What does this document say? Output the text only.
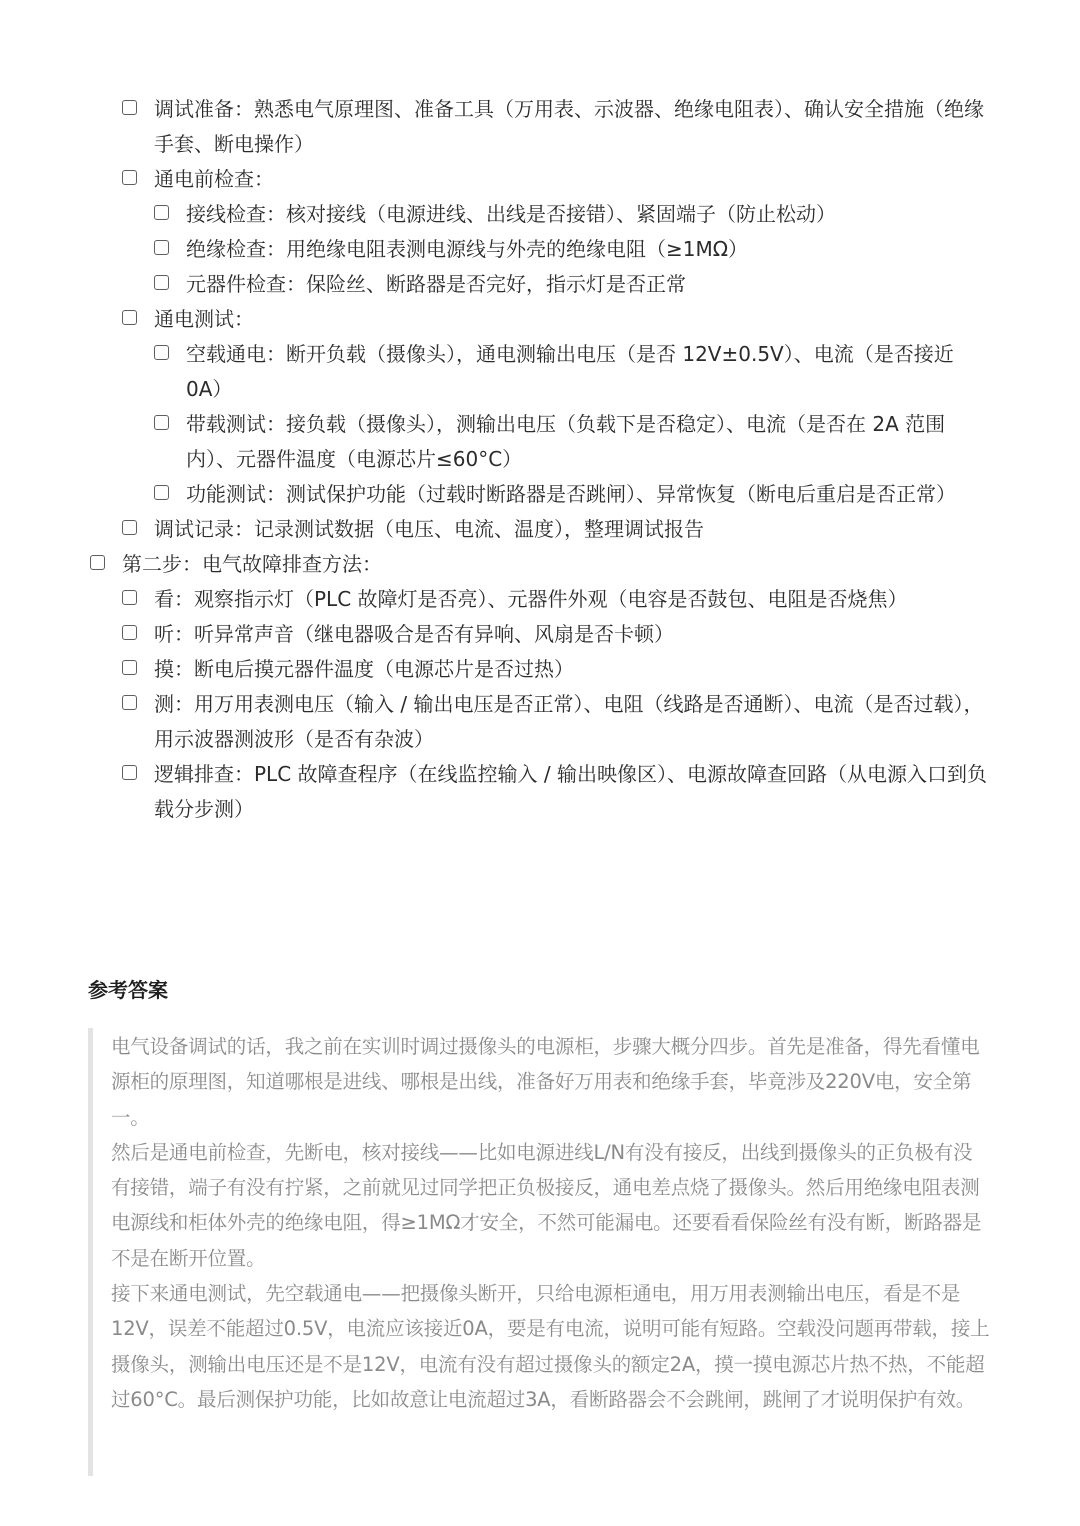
调试准备：熟悉电气原理图、准备工具（万用表、示波器、绝缘电阻表）、确认安全措施（绝缘手套、断电操作）
通电前检查：
接线检查：核对接线（电源进线、出线是否接错）、紧固端子（防止松动）
绝缘检查：用绝缘电阻表测电源线与外壳的绝缘电阻（≥1MΩ）
元器件检查：保险丝、断路器是否完好，指示灯是否正常
通电测试：
空载通电：断开负载（摄像头），通电测输出电压（是否 12V±0.5V）、电流（是否接近 0A）
带载测试：接负载（摄像头），测输出电压（负载下是否稳定）、电流（是否在 2A 范围内）、元器件温度（电源芯片≤60°C）
功能测试：测试保护功能（过载时断路器是否跳闸）、异常恢复（断电后重启是否正常）
调试记录：记录测试数据（电压、电流、温度），整理调试报告
第二步：电气故障排查方法：
看：观察指示灯（PLC 故障灯是否亮）、元器件外观（电容是否鼓包、电阻是否烧焦）
听：听异常声音（继电器吸合是否有异响、风扇是否卡顿）
摸：断电后摸元器件温度（电源芯片是否过热）
测：用万用表测电压（输入 / 输出电压是否正常）、电阻（线路是否通断）、电流（是否过载），用示波器测波形（是否有杂波）
逻辑排查：PLC 故障查程序（在线监控输入 / 输出映像区）、电源故障查回路（从电源入口到负载分步测）
参考答案

电气设备调试的话，我之前在实训时调过摄像头的电源柜，步骤大概分四步。首先是准备，得先看懂电源柜的原理图，知道哪根是进线、哪根是出线，准备好万用表和绝缘手套，毕竟涉及220V电，安全第一。

然后是通电前检查，先断电，核对接线——比如电源进线L/N有没有接反，出线到摄像头的正负极有没有接错，端子有没有拧紧，之前就见过同学把正负极接反，通电差点烧了摄像头。然后用绝缘电阻表测电源线和柜体外壳的绝缘电阻，得≥1MΩ才安全，不然可能漏电。还要看看保险丝有没有断，断路器是不是在断开位置。

接下来通电测试，先空载通电——把摄像头断开，只给电源柜通电，用万用表测输出电压，看是不是12V，误差不能超过0.5V，电流应该接近0A，要是有电流，说明可能有短路。空载没问题再带载，接上摄像头，测输出电压还是不是12V，电流有没有超过摄像头的额定2A，摸一摸电源芯片热不热，不能超过60°C。最后测保护功能，比如故意让电流超过3A，看断路器会不会跳闸，跳闸了才说明保护有效。
